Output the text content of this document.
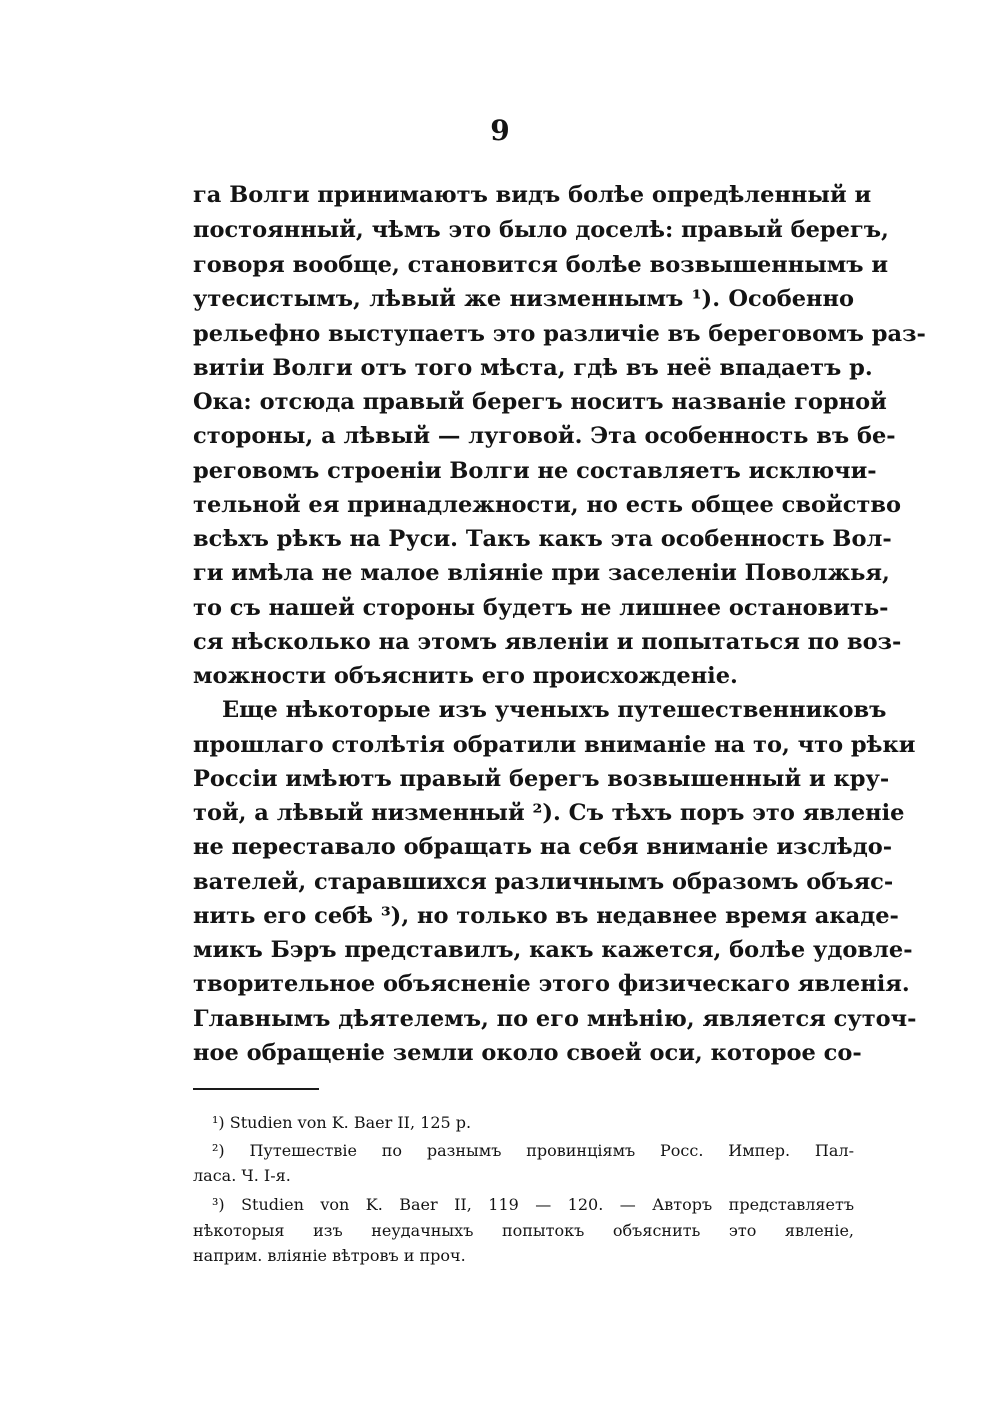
9

га Волги принимаютъ видъ болѣе опредѣленный и

постоянный, чѣмъ это было доселѣ: правый берегъ,

говоря вообще, становится болѣе возвышеннымъ и

утесистымъ, лѣвый же низменнымъ ¹). Особенно

рельефно выступаетъ это различіе въ береговомъ раз-

витіи Волги отъ того мѣста, гдѣ въ неё впадаетъ р.

Ока: отсюда правый берегъ носитъ названіе горной

стороны, а лѣвый — луговой. Эта особенность въ бе-

реговомъ строеніи Волги не составляетъ исключи-

тельной ея принадлежности, но есть общее свойство

всѣхъ рѣкъ на Руси. Такъ какъ эта особенность Вол-

ги имѣла не малое вліяніе при заселеніи Поволжья,

то съ нашей стороны будетъ не лишнее остановить-

ся нѣсколько на этомъ явленіи и попытаться по воз-

можности объяснить его происхожденіе.

Еще нѣкоторые изъ ученыхъ путешественниковъ

прошлаго столѣтія обратили вниманіе на то, что рѣки

Россіи имѣютъ правый берегъ возвышенный и кру-

той, а лѣвый низменный ²). Съ тѣхъ поръ это явленіе

не переставало обращать на себя вниманіе изслѣдо-

вателей, старавшихся различнымъ образомъ объяс-

нить его себѣ ³), но только въ недавнее время акаде-

микъ Бэръ представилъ, какъ кажется, болѣе удовле-

творительное объясненіе этого физическаго явленія.

Главнымъ дѣятелемъ, по его мнѣнію, является суточ-

ное обращеніе земли около своей оси, которое со-

¹) Studien von K. Baer II, 125 p.

²) Путешествіе по разнымъ провинціямъ Росс. Импер. Пал-

ласа. Ч. I-я.

³) Studien von K. Baer II, 119 — 120. — Авторъ представляетъ

нѣкоторыя изъ неудачныхъ попытокъ объяснить это явленіе,

наприм. вліяніе вѣтровъ и проч.
